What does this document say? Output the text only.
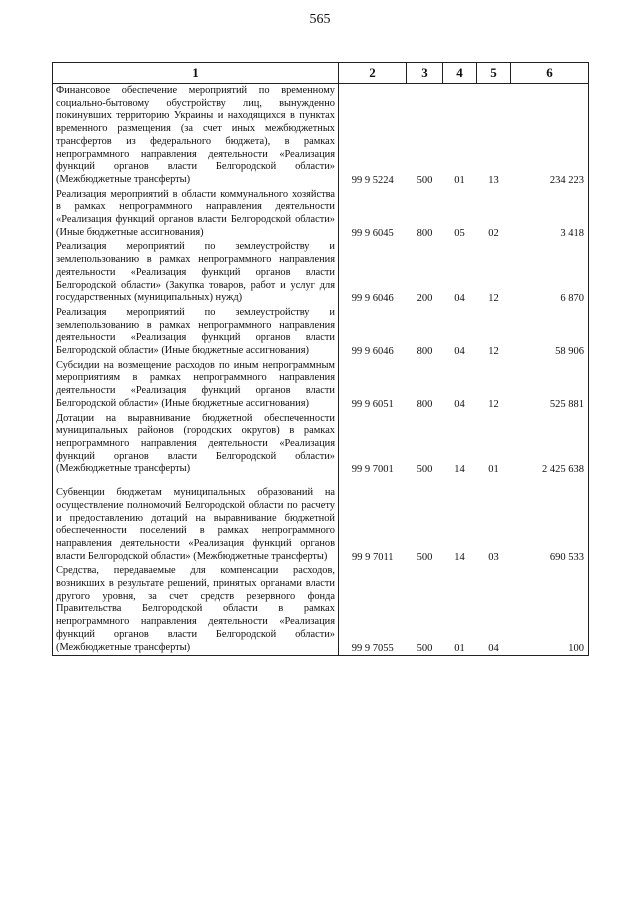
565
1	2	3	4	5	6
Финансовое обеспечение мероприятий по временному социально-бытовому обустройству лиц, вынужденно покинувших территорию Украины и находящихся в пунктах временного размещения (за счет иных межбюджетных трансфертов из федерального бюджета), в рамках непрограммного направления деятельности «Реализация функций органов власти Белгородской области» (Межбюджетные трансферты)	99 9 5224	500	01	13	234 223
Реализация мероприятий в области коммунального хозяйства в рамках непрограммного направления деятельности «Реализация функций органов власти Белгородской области» (Иные бюджетные ассигнования)	99 9 6045	800	05	02	3 418
Реализация мероприятий по землеустройству и землепользованию в рамках непрограммного направления деятельности «Реализация функций органов власти Белгородской области» (Закупка товаров, работ и услуг для государственных (муниципальных) нужд)	99 9 6046	200	04	12	6 870
Реализация мероприятий по землеустройству и землепользованию в рамках непрограммного направления деятельности «Реализация функций органов власти Белгородской области» (Иные бюджетные ассигнования)	99 9 6046	800	04	12	58 906
Субсидии на возмещение расходов по иным непрограммным мероприятиям в рамках непрограммного направления деятельности «Реализация функций органов власти Белгородской области» (Иные бюджетные ассигнования)	99 9 6051	800	04	12	525 881
Дотации на выравнивание бюджетной обеспеченности муниципальных районов (городских округов) в рамках непрограммного направления деятельности «Реализация функций органов власти Белгородской области» (Межбюджетные трансферты)	99 9 7001	500	14	01	2 425 638
Субвенции бюджетам муниципальных образований на осуществление полномочий Белгородской области по расчету и предоставлению дотаций на выравнивание бюджетной обеспеченности поселений в рамках непрограммного направления деятельности «Реализация функций органов власти Белгородской области» (Межбюджетные трансферты)	99 9 7011	500	14	03	690 533
Средства, передаваемые для компенсации расходов, возникших в результате решений, принятых органами власти другого уровня, за счет средств резервного фонда Правительства Белгородской области в рамках непрограммного направления деятельности «Реализация функций органов власти Белгородской области» (Межбюджетные трансферты)	99 9 7055	500	01	04	100
